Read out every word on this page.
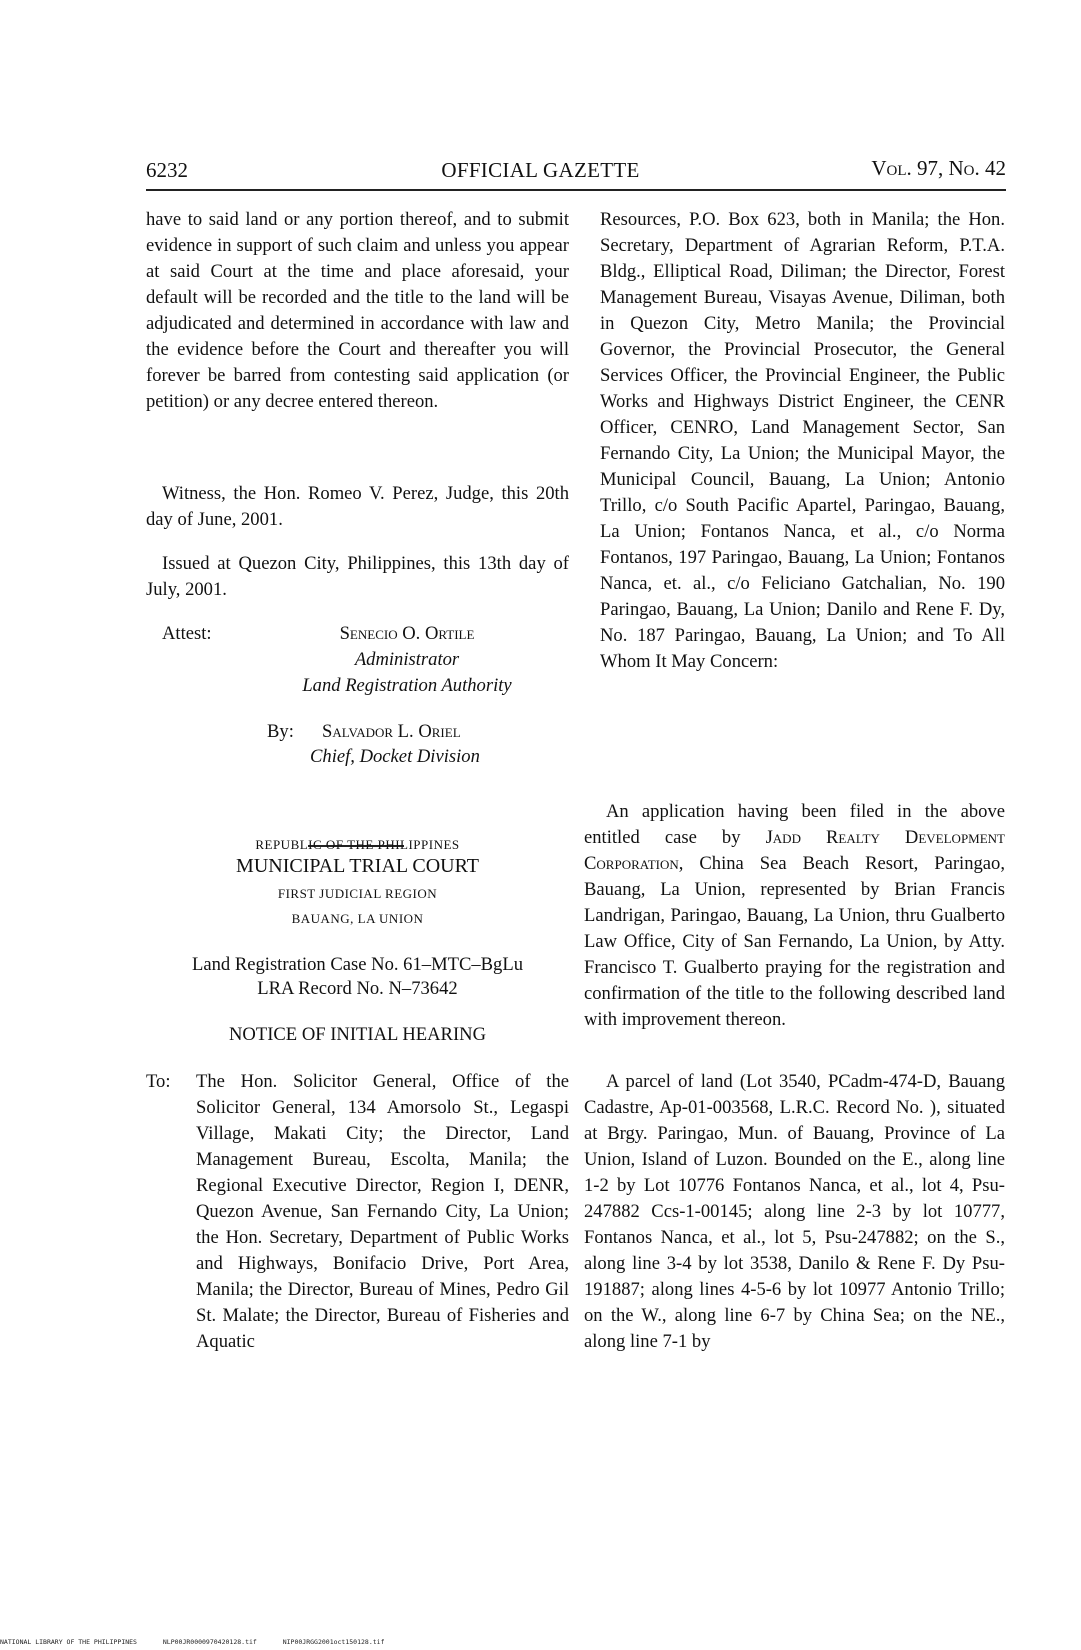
6232	OFFICIAL GAZETTE	Vol. 97, No. 42

have to said land or any portion thereof, and to submit evidence in support of such claim and unless you appear at said Court at the time and place aforesaid, your default will be recorded and the title to the land will be adjudicated and determined in accordance with law and the evidence before the Court and thereafter you will forever be barred from contesting said application (or petition) or any decree entered thereon.

Witness, the Hon. Romeo V. Perez, Judge, this 20th day of June, 2001.

Issued at Quezon City, Philippines, this 13th day of July, 2001.

Attest:	Senecio O. Ortile
Administrator
Land Registration Authority
By: Salvador L. Oriel
Chief, Docket Division
REPUBLIC OF THE PHILIPPINES
MUNICIPAL TRIAL COURT
FIRST JUDICIAL REGION
BAUANG, LA UNION
Land Registration Case No. 61–MTC–BgLu
LRA Record No. N–73642
NOTICE OF INITIAL HEARING
To:	The Hon. Solicitor General, Office of the Solicitor General, 134 Amorsolo St., Legaspi Village, Makati City; the Director, Land Management Bureau, Escolta, Manila; the Regional Executive Director, Region I, DENR, Quezon Avenue, San Fernando City, La Union; the Hon. Secretary, Department of Public Works and Highways, Bonifacio Drive, Port Area, Manila; the Director, Bureau of Mines, Pedro Gil St. Malate; the Director, Bureau of Fisheries and Aquatic

Resources, P.O. Box 623, both in Manila; the Hon. Secretary, Department of Agrarian Reform, P.T.A. Bldg., Elliptical Road, Diliman; the Director, Forest Management Bureau, Visayas Avenue, Diliman, both in Quezon City, Metro Manila; the Provincial Governor, the Provincial Prosecutor, the General Services Officer, the Provincial Engineer, the Public Works and Highways District Engineer, the CENR Officer, CENRO, Land Management Sector, San Fernando City, La Union; the Municipal Mayor, the Municipal Council, Bauang, La Union; Antonio Trillo, c/o South Pacific Apartel, Paringao, Bauang, La Union; Fontanos Nanca, et al., c/o Norma Fontanos, 197 Paringao, Bauang, La Union; Fontanos Nanca, et. al., c/o Feliciano Gatchalian, No. 190 Paringao, Bauang, La Union; Danilo and Rene F. Dy, No. 187 Paringao, Bauang, La Union; and To All Whom It May Concern:

An application having been filed in the above entitled case by Jadd Realty Development Corporation, China Sea Beach Resort, Paringao, Bauang, La Union, represented by Brian Francis Landrigan, Paringao, Bauang, La Union, thru Gualberto Law Office, City of San Fernando, La Union, by Atty. Francisco T. Gualberto praying for the registration and confirmation of the title to the following described land with improvement thereon.

A parcel of land (Lot 3540, PCadm-474-D, Bauang Cadastre, Ap-01-003568, L.R.C. Record No. ), situated at Brgy. Paringao, Mun. of Bauang, Province of La Union, Island of Luzon. Bounded on the E., along line 1-2 by Lot 10776 Fontanos Nanca, et al., lot 4, Psu-247882 Ccs-1-00145; along line 2-3 by lot 10777, Fontanos Nanca, et al., lot 5, Psu-247882; on the S., along line 3-4 by lot 3538, Danilo & Rene F. Dy Psu-191887; along lines 4-5-6 by lot 10977 Antonio Trillo; on the W., along line 6-7 by China Sea; on the NE., along line 7-1 by

NATIONAL LIBRARY OF THE PHILIPPINES	NLP00JR0000970420128.tif	NIP00JRGG2001oct150128.tif
